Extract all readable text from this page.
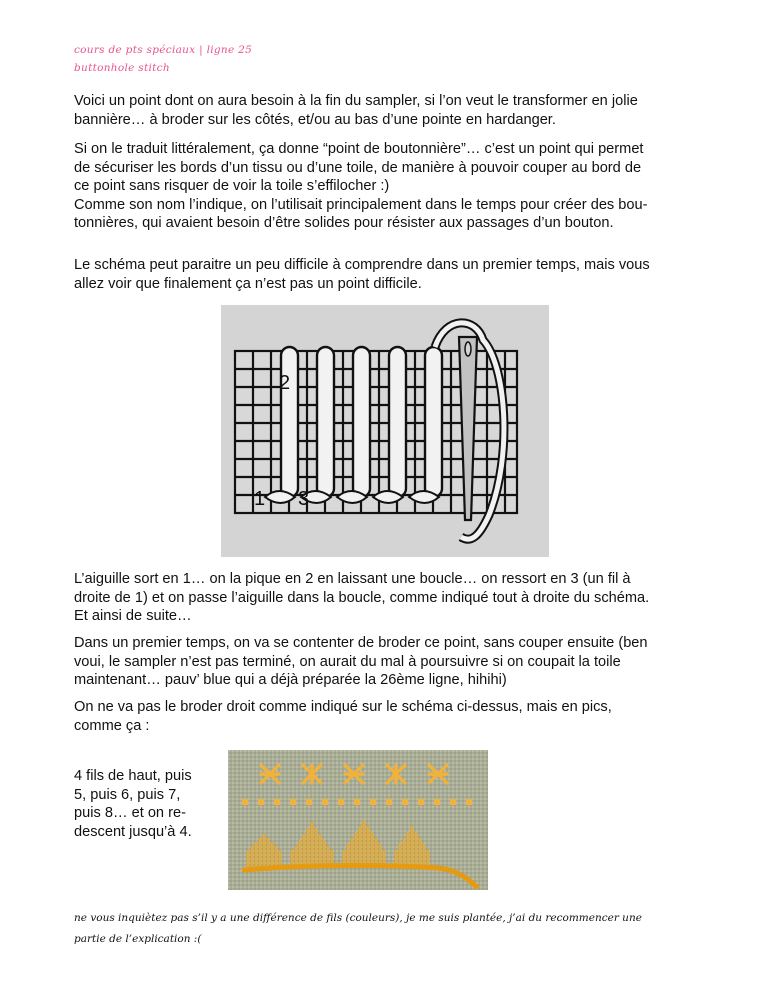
cours de pts spéciaux | ligne 25
buttonhole stitch
Voici un point dont on aura besoin à la fin du sampler, si l’on veut le transformer en jolie
bannière… à broder sur les côtés, et/ou au bas d’une pointe en hardanger.
Si on le traduit littéralement, ça donne “point de boutonnière”… c’est un point qui permet
de sécuriser les bords d’un tissu ou d’une toile, de manière à pouvoir couper au bord de
ce point sans risquer de voir la toile s’effilocher :)
Comme son nom l’indique, on l’utilisait principalement dans le temps pour créer des bou-
tonnières, qui avaient besoin d’être solides pour résister aux passages d’un bouton.
Le schéma peut paraitre un peu difficile à comprendre dans un premier temps, mais vous
allez voir que finalement ça n’est pas un point difficile.
2
1 3
L’aiguille sort en 1… on la pique en 2 en laissant une boucle… on ressort en 3 (un fil à
droite de 1) et on passe l’aiguille dans la boucle, comme indiqué tout à droite du schéma.
Et ainsi de suite…
Dans un premier temps, on va se contenter de broder ce point, sans couper ensuite (ben
voui, le sampler n’est pas terminé, on aurait du mal à poursuivre si on coupait la toile
maintenant… pauv’ blue qui a déjà préparée la 26ème ligne, hihihi)
On ne va pas le broder droit comme indiqué sur le schéma ci-dessus, mais en pics,
comme ça :
4 fils de haut, puis
5, puis 6, puis 7,
puis 8… et on re-
descent jusqu’à 4.
ne vous inquiètez pas s’il y a une différence de fils (couleurs), je me suis plantée, j’ai du recommencer une
partie de l’explication :(
